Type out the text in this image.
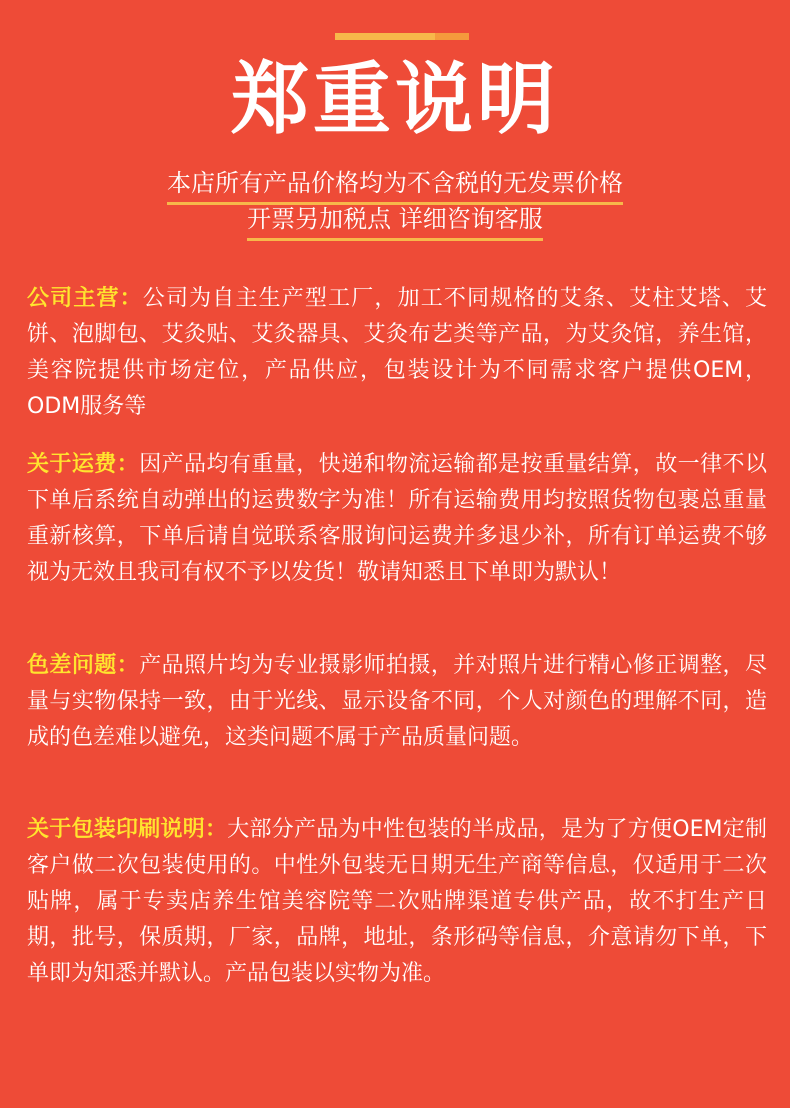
郑重说明
本店所有产品价格均为不含税的无发票价格
开票另加税点 详细咨询客服

公司主营：公司为自主生产型工厂，加工不同规格的艾条、艾柱艾塔、艾饼、泡脚包、艾灸贴、艾灸器具、艾灸布艺类等产品，为艾灸馆，养生馆，美容院提供市场定位，产品供应，包装设计为不同需求客户提供OEM，ODM服务等

关于运费：因产品均有重量，快递和物流运输都是按重量结算，故一律不以下单后系统自动弹出的运费数字为准！所有运输费用均按照货物包裹总重量重新核算，下单后请自觉联系客服询问运费并多退少补，所有订单运费不够视为无效且我司有权不予以发货！敬请知悉且下单即为默认！

色差问题：产品照片均为专业摄影师拍摄，并对照片进行精心修正调整，尽量与实物保持一致，由于光线、显示设备不同，个人对颜色的理解不同，造成的色差难以避免，这类问题不属于产品质量问题。

关于包装印刷说明：大部分产品为中性包装的半成品，是为了方便OEM定制客户做二次包装使用的。中性外包装无日期无生产商等信息，仅适用于二次贴牌，属于专卖店养生馆美容院等二次贴牌渠道专供产品，故不打生产日期，批号，保质期，厂家，品牌，地址，条形码等信息，介意请勿下单，下单即为知悉并默认。产品包装以实物为准。
